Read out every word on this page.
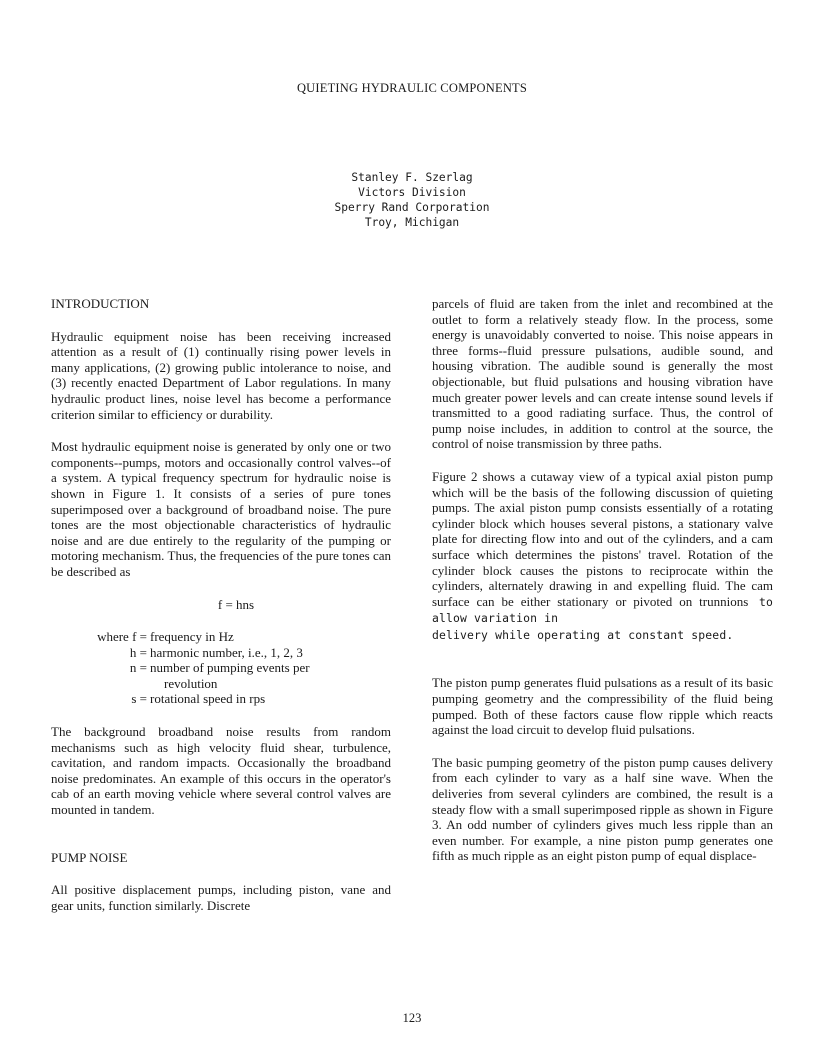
QUIETING HYDRAULIC COMPONENTS
Stanley F. Szerlag
Victors Division
Sperry Rand Corporation
Troy, Michigan
INTRODUCTION

Hydraulic equipment noise has been receiving increased attention as a result of (1) continually rising power levels in many applications, (2) growing public intolerance to noise, and (3) recently enacted Department of Labor regulations. In many hydraulic product lines, noise level has become a performance criterion similar to efficiency or durability.

Most hydraulic equipment noise is generated by only one or two components--pumps, motors and occasionally control valves--of a system. A typical frequency spectrum for hydraulic noise is shown in Figure 1. It consists of a series of pure tones superimposed over a background of broadband noise. The pure tones are the most objectionable characteristics of hydraulic noise and are due entirely to the regularity of the pumping or motoring mechanism. Thus, the frequencies of the pure tones can be described as

f = hns
where f = frequency in Hz
h = harmonic number, i.e., 1, 2, 3
n = number of pumping events per
revolution
s = rotational speed in rps

The background broadband noise results from random mechanisms such as high velocity fluid shear, turbulence, cavitation, and random impacts. Occasionally the broadband noise predominates. An example of this occurs in the operator's cab of an earth moving vehicle where several control valves are mounted in tandem.

PUMP NOISE

All positive displacement pumps, including piston, vane and gear units, function similarly. Discrete

parcels of fluid are taken from the inlet and recombined at the outlet to form a relatively steady flow. In the process, some energy is unavoidably converted to noise. This noise appears in three forms--fluid pressure pulsations, audible sound, and housing vibration. The audible sound is generally the most objectionable, but fluid pulsations and housing vibration have much greater power levels and can create intense sound levels if transmitted to a good radiating surface. Thus, the control of pump noise includes, in addition to control at the source, the control of noise transmission by three paths.

Figure 2 shows a cutaway view of a typical axial piston pump which will be the basis of the following discussion of quieting pumps. The axial piston pump consists essentially of a rotating cylinder block which houses several pistons, a stationary valve plate for directing flow into and out of the cylinders, and a cam surface which determines the pistons' travel. Rotation of the cylinder block causes the pistons to reciprocate within the cylinders, alternately drawing in and expelling fluid. The cam surface can be either stationary or pivoted on trunnions to allow variation in
delivery while operating at constant speed.

The piston pump generates fluid pulsations as a result of its basic pumping geometry and the compressibility of the fluid being pumped. Both of these factors cause flow ripple which reacts against the load circuit to develop fluid pulsations.

The basic pumping geometry of the piston pump causes delivery from each cylinder to vary as a half sine wave. When the deliveries from several cylinders are combined, the result is a steady flow with a small superimposed ripple as shown in Figure 3. An odd number of cylinders gives much less ripple than an even number. For example, a nine piston pump generates one fifth as much ripple as an eight piston pump of equal displace-

123
